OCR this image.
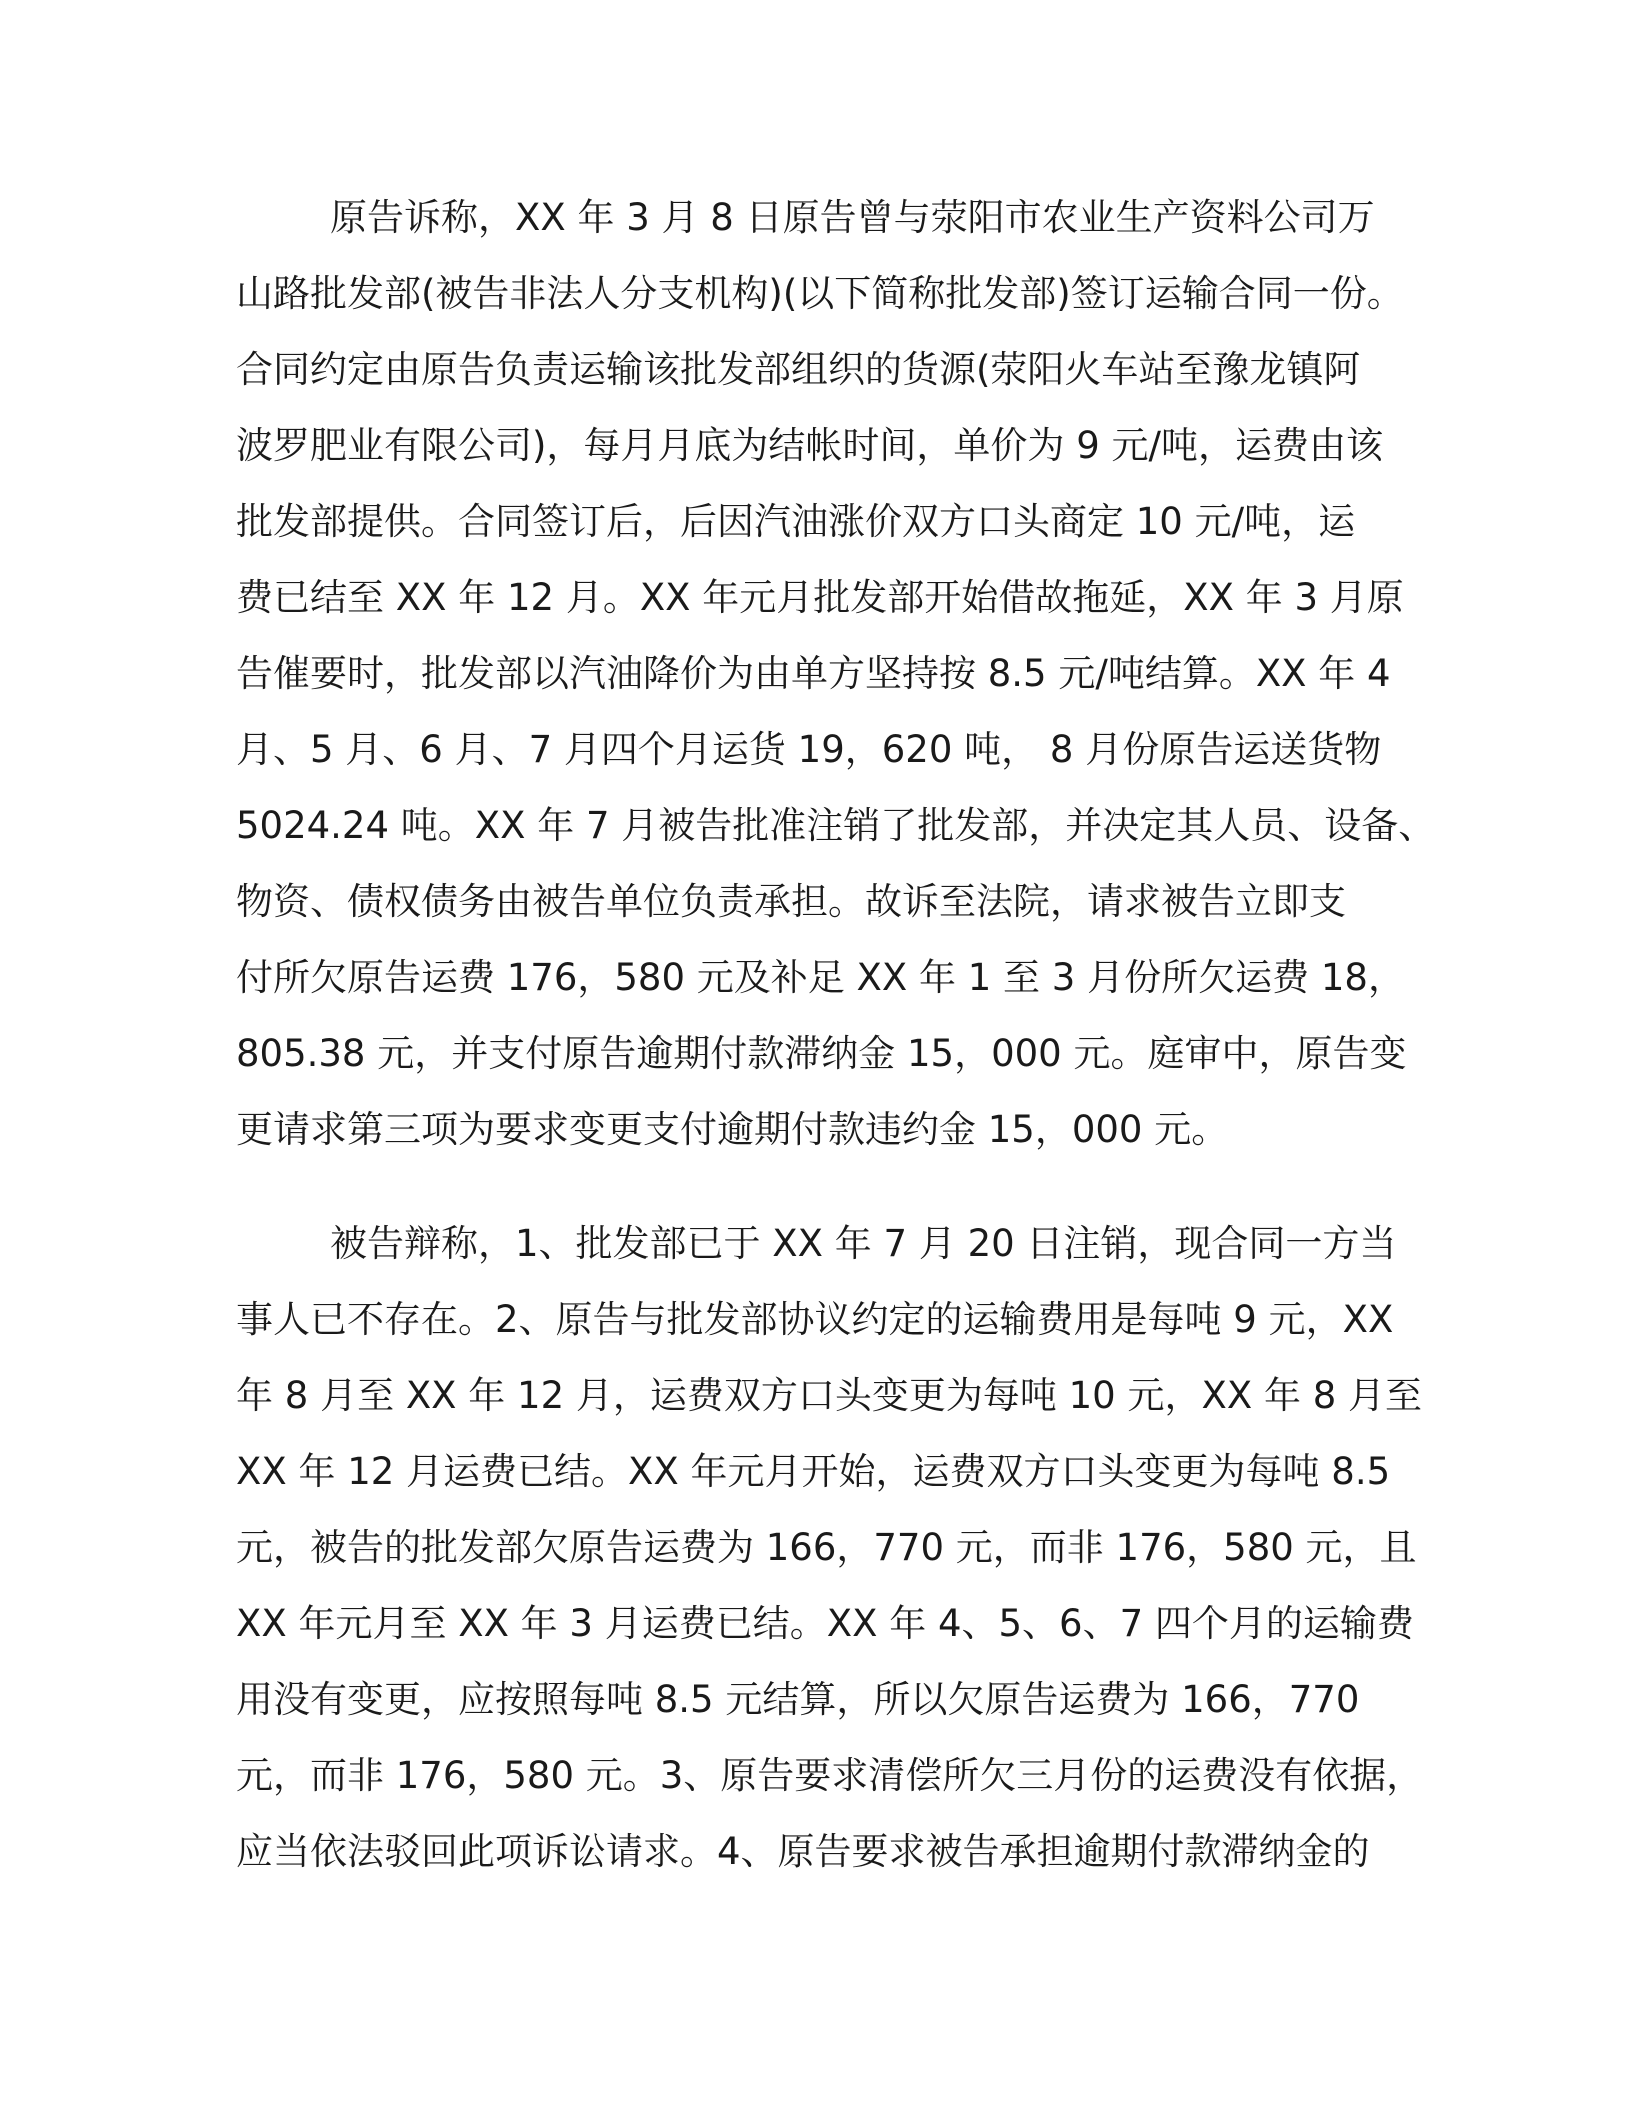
原告诉称，XX 年 3 月 8 日原告曾与荥阳市农业生产资料公司万
山路批发部(被告非法人分支机构)(以下简称批发部)签订运输合同一份。
合同约定由原告负责运输该批发部组织的货源(荥阳火车站至豫龙镇阿
波罗肥业有限公司)，每月月底为结帐时间，单价为 9 元/吨，运费由该
批发部提供。合同签订后，后因汽油涨价双方口头商定 10 元/吨，运
费已结至 XX 年 12 月。XX 年元月批发部开始借故拖延，XX 年 3 月原
告催要时，批发部以汽油降价为由单方坚持按 8.5 元/吨结算。XX 年 4
月、5 月、6 月、7 月四个月运货 19，620 吨， 8 月份原告运送货物
5024.24 吨。XX 年 7 月被告批准注销了批发部，并决定其人员、设备、
物资、债权债务由被告单位负责承担。故诉至法院，请求被告立即支
付所欠原告运费 176，580 元及补足 XX 年 1 至 3 月份所欠运费 18，
805.38 元，并支付原告逾期付款滞纳金 15，000 元。庭审中，原告变
更请求第三项为要求变更支付逾期付款违约金 15，000 元。
被告辩称，1、批发部已于 XX 年 7 月 20 日注销，现合同一方当
事人已不存在。2、原告与批发部协议约定的运输费用是每吨 9 元，XX
年 8 月至 XX 年 12 月，运费双方口头变更为每吨 10 元，XX 年 8 月至
XX 年 12 月运费已结。XX 年元月开始，运费双方口头变更为每吨 8.5
元，被告的批发部欠原告运费为 166，770 元，而非 176，580 元，且
XX 年元月至 XX 年 3 月运费已结。XX 年 4、5、6、7 四个月的运输费
用没有变更，应按照每吨 8.5 元结算，所以欠原告运费为 166，770
元，而非 176，580 元。3、原告要求清偿所欠三月份的运费没有依据，
应当依法驳回此项诉讼请求。4、原告要求被告承担逾期付款滞纳金的
